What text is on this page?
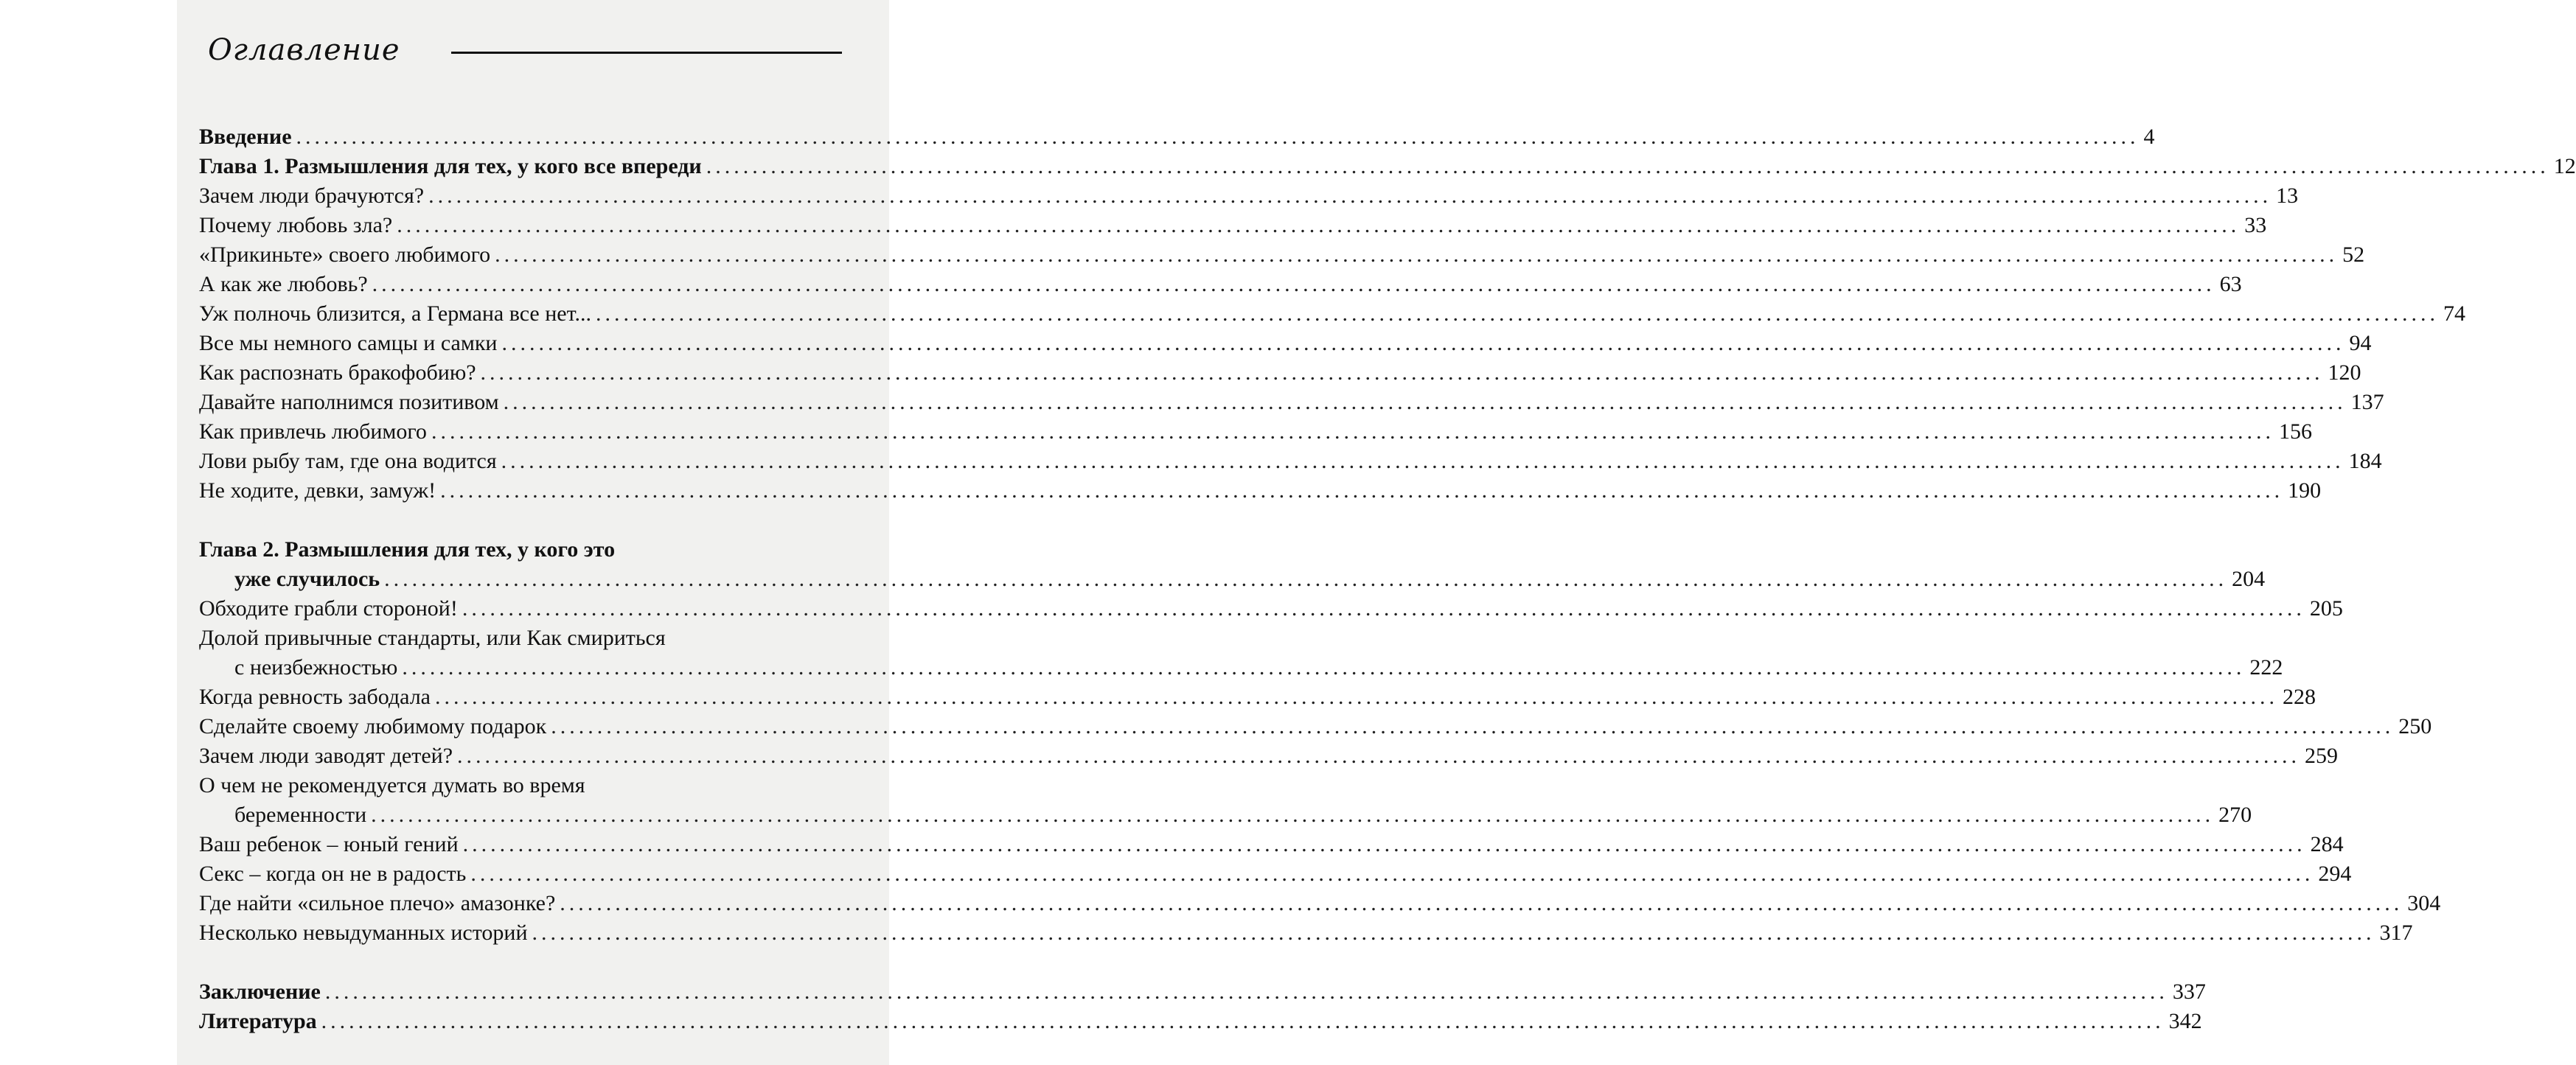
Оглавление
Введение ........................................................................................................................................................................................................ 4
Глава 1. Размышления для тех, у кого все впереди ........................................................................................................................................................................................................ 12
Зачем люди брачуются? ........................................................................................................................................................................................................ 13
Почему любовь зла? ........................................................................................................................................................................................................ 33
«Прикиньте» своего любимого ........................................................................................................................................................................................................ 52
А как же любовь? ........................................................................................................................................................................................................ 63
Уж полночь близится, а Германа все нет... ........................................................................................................................................................................................................ 74
Все мы немного самцы и самки ........................................................................................................................................................................................................ 94
Как распознать бракофобию? ........................................................................................................................................................................................................ 120
Давайте наполнимся позитивом ........................................................................................................................................................................................................ 137
Как привлечь любимого ........................................................................................................................................................................................................ 156
Лови рыбу там, где она водится ........................................................................................................................................................................................................ 184
Не ходите, девки, замуж! ........................................................................................................................................................................................................ 190
Глава 2. Размышления для тех, у кого это
уже случилось ........................................................................................................................................................................................................ 204
Обходите грабли стороной! ........................................................................................................................................................................................................ 205
Долой привычные стандарты, или Как смириться
с неизбежностью ........................................................................................................................................................................................................ 222
Когда ревность забодала ........................................................................................................................................................................................................ 228
Сделайте своему любимому подарок ........................................................................................................................................................................................................ 250
Зачем люди заводят детей? ........................................................................................................................................................................................................ 259
О чем не рекомендуется думать во время
беременности ........................................................................................................................................................................................................ 270
Ваш ребенок – юный гений ........................................................................................................................................................................................................ 284
Секс – когда он не в радость ........................................................................................................................................................................................................ 294
Где найти «сильное плечо» амазонке? ........................................................................................................................................................................................................ 304
Несколько невыдуманных историй ........................................................................................................................................................................................................ 317
Заключение ........................................................................................................................................................................................................ 337
Литература ........................................................................................................................................................................................................ 342
